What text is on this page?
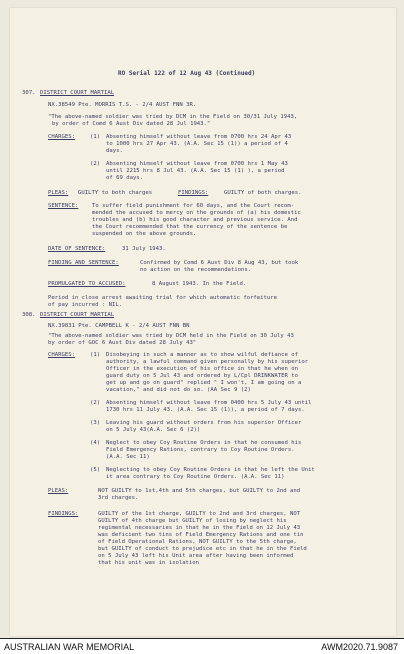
RO Serial 122 of 12 Aug 43 (Continued)
307. DISTRICT COURT MARTIAL
NX.38549 Pte. MORRIS T.S. - 2/4 AUST FNN 3R.
"The above-named soldier was tried by DCM in the Field on 30/31 July 1943,
by order of Comd 6 Aust Div dated 28 Jul 1943."
CHARGES:	(1) Absenting himself without leave from 0700 hrs 24 Apr 43
to 1000 hrs 27 Apr 43. (A.A. Sec 15 (1)) a period of 4
days.
(2) Absenting himself without leave from 0700 hrs 1 May 43
until 2215 hrs 8 Jul 43. (A.A. Sec 15 (1) ), a period
of 69 days.
PLEAS: GUILTY to both charges	FINDINGS:	GUILTY of both charges.
SENTENCE: To suffer field punishment for 60 days, and the Court recom-
mended the accused to mercy on the grounds of (a) his domestic
troubles and (b) his good character and previous service. And
the Court recommended that the currency of the sentence be
suspended on the above grounds.
DATE OF SENTENCE:	31 July 1943.
FINDING AND SENTENCE:	Confirmed by Comd 6 Aust Div 8 Aug 43, but took
no action on the recommendations.
PROMULGATED TO ACCUSED:	8 August 1943. In the Field.
Period in close arrest awaiting trial for which automatic forfeiture
of pay incurred : NIL.
308. DISTRICT COURT MARTIAL
NX.39831 Pte. CAMPBELL K - 2/4 AUST FNN BN
"The above-named soldier was tried by DCM held in the Field on 30 July 43
by order of GOC 6 Aust Div dated 28 July 43"
CHARGES:	(1) Disobeying in such a manner as to show wilful defiance of
authority, a lawful command given personally by his superior
Officer in the execution of his office in that he when on
guard duty on 5 Jul 43 and ordered by L/Cpl DRINKWATER to
get up and go on guard" replied " I won't, I am going on a
vacation," and did not do so. (AA Sec 9 (2)
(2) Absenting himself without leave from 0400 hrs 5 July 43 until
1730 hrs 11 July 43. (A.A. Sec 15 (1)), a period of 7 days.
(3) Leaving his guard without orders from his superior Officer
on 5 July 43(A.A. Sec 6 (2))
(4) Neglect to obey Coy Routine Orders in that he consumed his
Field Emergency Rations, contrary to Coy Routine Orders.
(A.A. Sec 11)
(5) Neglecting to obey Coy Routine Orders in that he left the Unit
it area contrary to Coy Routine Orders. (A.A. Sec 11)
PLEAS:	NOT GUILTY to 1st,4th and 5th charges, but GUILTY to 2nd and
3rd charges.
FINDINGS:	GUILTY of the 1st charge, GUILTY to 2nd and 3rd charges, NOT
GUILTY of 4th charge but GUILTY of losing by neglect his
regimental necessaries in that he in the Field on 12 July 43
was deficient two tins of Field Emergency Rations and one tin
of Field Operational Rations, NOT GUILTY to the 5th charge,
but GUILTY of conduct to prejudice etc in that he in the Field
on 5 July 43 left his Unit area after having been informed
that his unit was in isolation
AUSTRALIAN WAR MEMORIAL	AWM2020.71.9087
